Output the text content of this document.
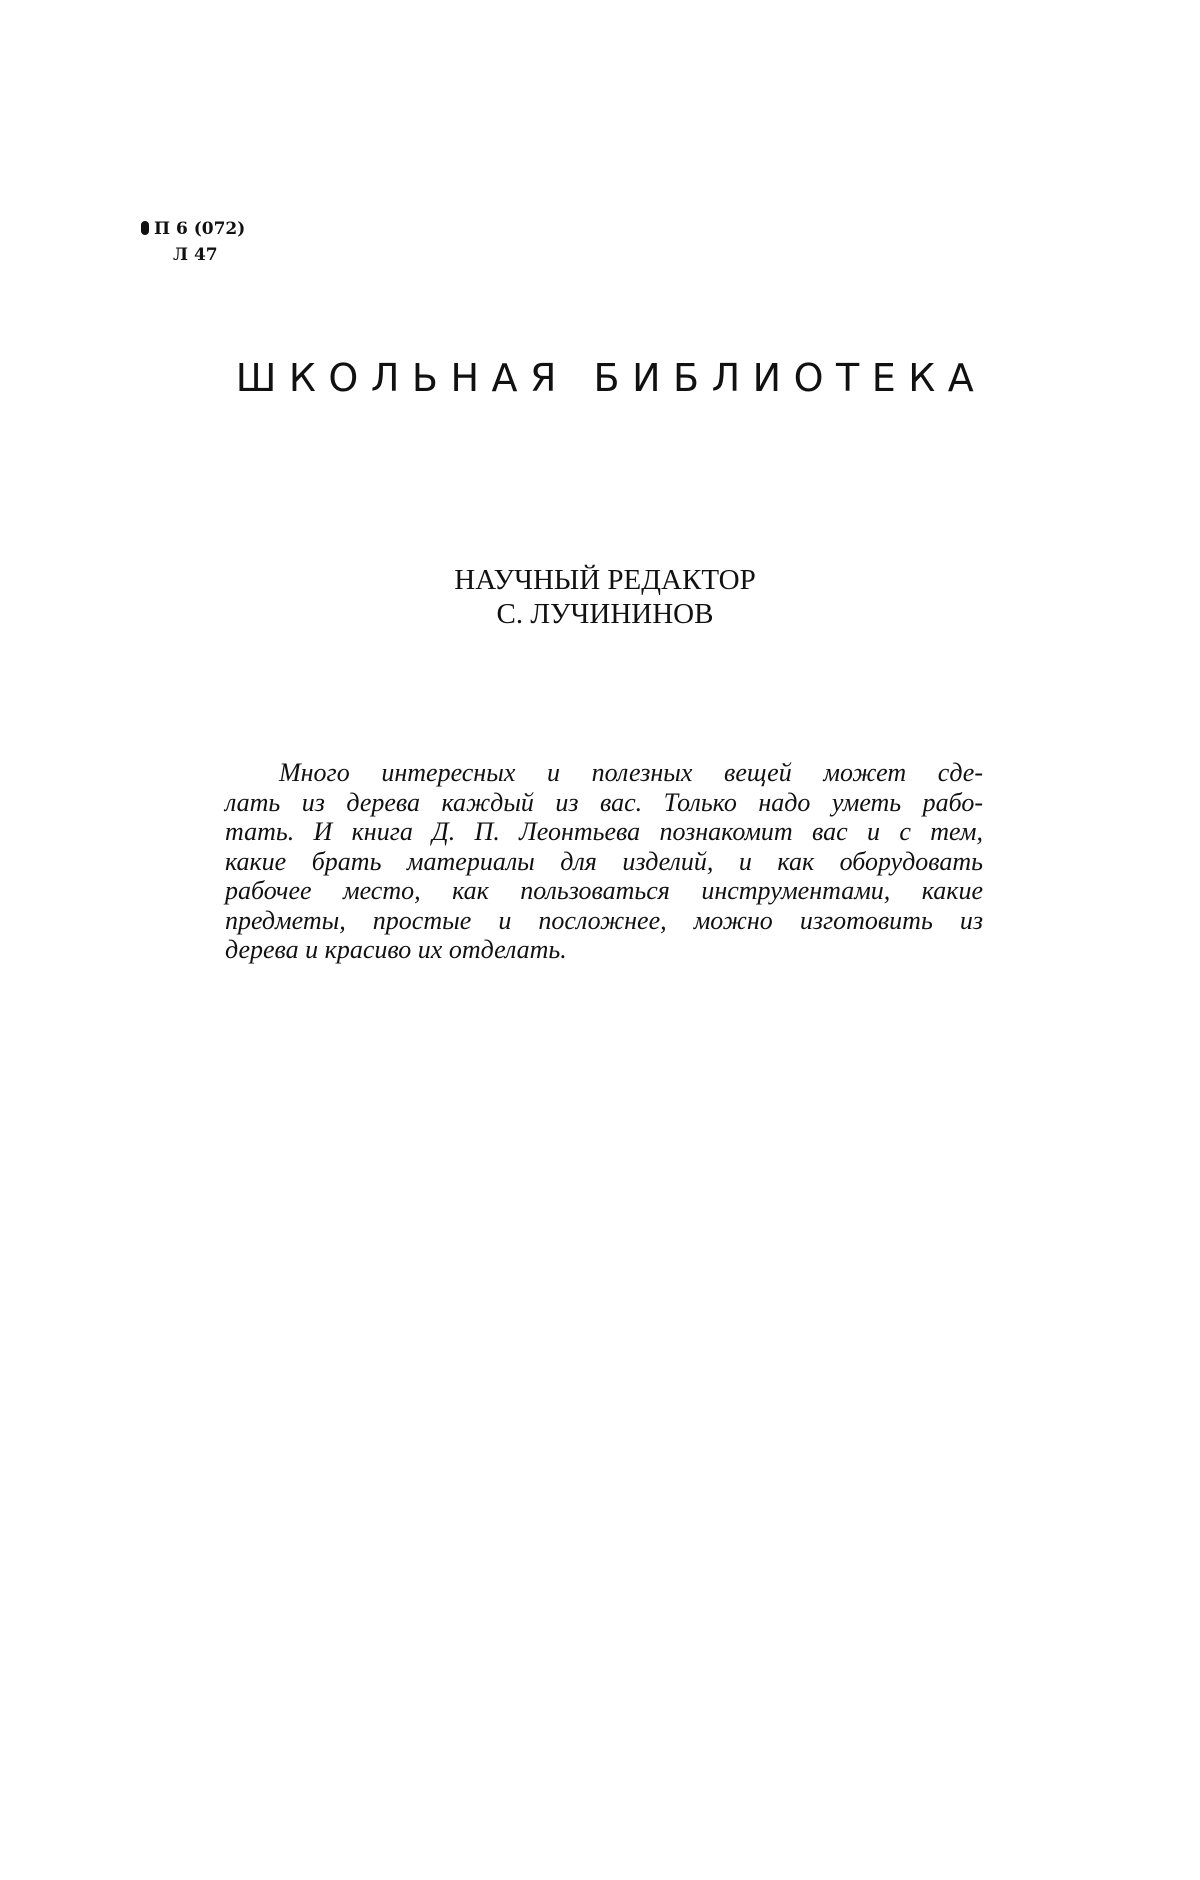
П 6 (072)
Л 47
ШКОЛЬНАЯ БИБЛИОТЕКА
НАУЧНЫЙ РЕДАКТОР
С. ЛУЧИНИНОВ
Много интересных и полезных вещей может сде-
лать из дерева каждый из вас. Только надо уметь рабо-
тать. И книга Д. П. Леонтьева познакомит вас и с тем,
какие брать материалы для изделий, и как оборудовать
рабочее место, как пользоваться инструментами, какие
предметы, простые и посложнее, можно изготовить из
дерева и красиво их отделать.
